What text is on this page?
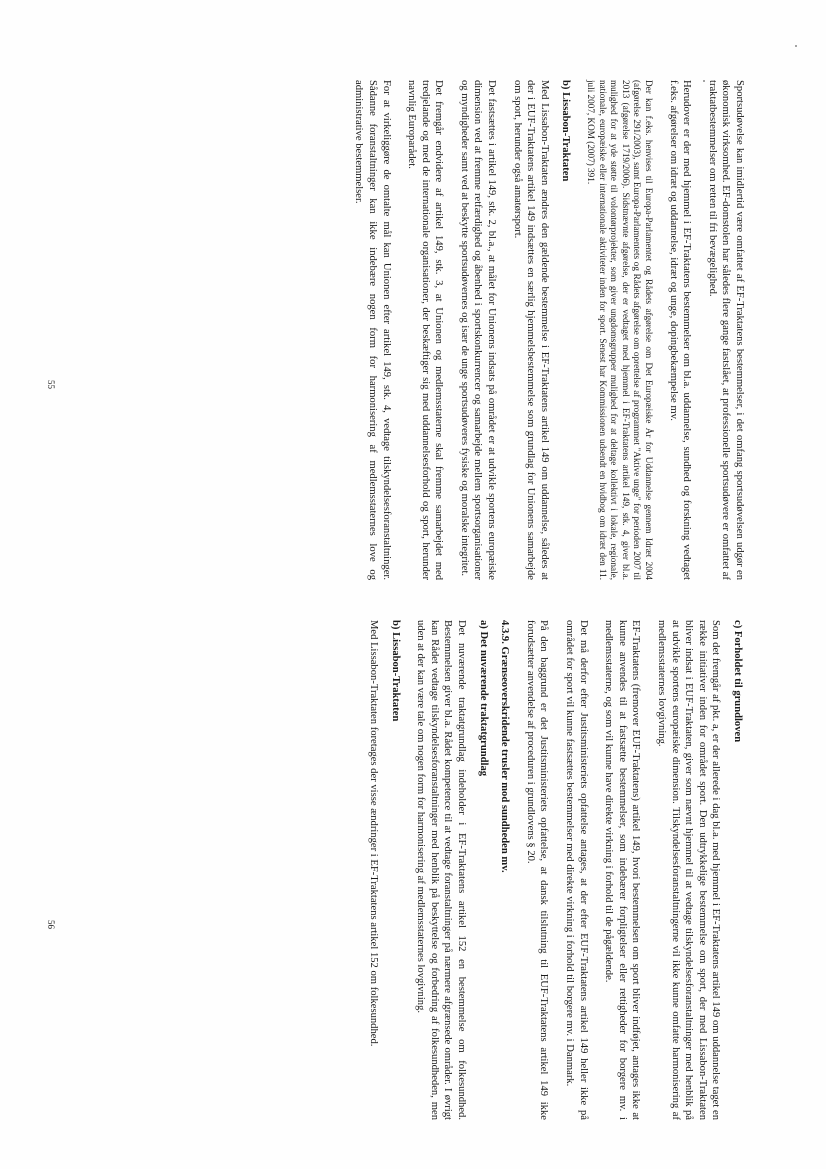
Sportsudøvelse kan imidlertid være omfattet af EF-Traktatens bestemmelser, i det omfang sportsudøvelsen udgør en økonomisk virksomhed. EF-domstolen har således flere gange fastslået, at professionelle sportsudøvere er omfattet af traktatbestemmelser om retten til fri bevægelighed.

Herudover er der med hjemmel i EF-Traktatens bestemmelser om bl.a. uddannelse, sundhed og forskning vedtaget f.eks. afgørelser om idræt og uddannelse, idræt og unge, dopingbekæmpelse mv.

Der kan f.eks. henvises til Europa-Parlamentet og Rådets afgørelse om Det Europæiske År for Uddannelse gennem Idræt 2004 (afgørelse 291/2003), samt Europa-Parlamentets og Rådets afgørelse om oprettelse af programmet "Aktive unge" for perioden 2007 til 2013 (afgørelse 1719/2006). Sidstnævnte afgørelse, der er vedtaget med hjemmel i EF-Traktatens artikel 149, stk. 4, giver bl.a. mulighed for at yde støtte til volontørprojekter, som giver ungdomsgrupper mulighed for at deltage kollektivt i lokale, regionale, nationale, europæiske eller internationale aktiviteter inden for sport. Senest har Kommissionen udsendt en hvidbog om idræt den 11. juli 2007, KOM (2007) 391.

b) Lissabon-Traktaten

Med Lissabon-Traktaten ændres den gældende bestemmelse i EF-Traktatens artikel 149 om uddannelse, således at der i EUF-Traktatens artikel 149 indsættes en særlig hjemmelsbestemmelse som grundlag for Unionens samarbejde om sport, herunder også amatørsport.

Det fastsættes i artikel 149, stk. 2, bl.a., at målet for Unionens indsats på området er at udvikle sportens europæiske dimension ved at fremme retfærdighed og åbenhed i sportskonkurrencer og samarbejde mellem sportsorganisationer og myndigheder samt ved at beskytte sportsudøvernes og især de unge sportsudøveres fysiske og moralske integritet.

Det fremgår endvidere af artikel 149, stk. 3, at Unionen og medlemsstaterne skal fremme samarbejdet med tredjelande og med de internationale organisationer, der beskæftiger sig med uddannelsesforhold og sport, herunder navnlig Europarådet.

For at virkeliggøre de omtalte mål kan Unionen efter artikel 149, stk. 4, vedtage tilskyndelsesforanstaltninger. Sådanne foranstaltninger kan ikke indebære nogen form for harmonisering af medlemsstaternes love og administrative bestemmelser.

55
c) Forholdet til grundloven

Som det fremgår af pkt. a, er der allerede i dag bl.a. med hjemmel i EF-Traktatens artikel 149 om uddannelse taget en række initiativer inden for området sport. Den udtrykkelige bestemmelse om sport, der med Lissabon-Traktaten bliver indsat i EUF-Traktaten, giver som nævnt hjemmel til at vedtage tilskyndelsesforanstaltninger med henblik på at udvikle sportens europæiske dimension. Tilskyndelsesforanstaltningerne vil ikke kunne omfatte harmonisering af medlemsstaternes lovgivning.

EF-Traktatens (fremover EUF-Traktatens) artikel 149, hvori bestemmelsen om sport bliver indføjet, antages ikke at kunne anvendes til at fastsætte bestemmelser, som indebærer forpligtelser eller rettigheder for borgere mv. i medlemsstaterne, og som vil kunne have direkte virkning i forhold til de pågældende.

Det må derfor efter Justitsministeriets opfattelse antages, at der efter EUF-Traktatens artikel 149 heller ikke på området for sport vil kunne fastsættes bestemmelser med direkte virkning i forhold til borgere mv. i Danmark.

På den baggrund er det Justitsministeriets opfattelse, at dansk tilslutning til EUF-Traktatens artikel 149 ikke forudsætter anvendelse af proceduren i grundlovens § 20.

4.3.9. Grænseoverskridende trusler mod sundheden mv.
a) Det nuværende traktatgrundlag

Det nuværende traktatgrundlag indeholder i EF-Traktatens artikel 152 en bestemmelse om folkesundhed. Bestemmelsen giver bl.a. Rådet kompetence til at vedtage foranstaltninger på nærmere afgrænsede områder. I øvrigt kan Rådet vedtage tilskyndelsesforanstaltninger med henblik på beskyttelse og forbedring af folkesundheden, men uden at der kan være tale om nogen form for harmonisering af medlemsstaternes lovgivning.

b) Lissabon-Traktaten

Med Lissabon-Traktaten foretages der visse ændringer i EF-Traktatens artikel 152 om folkesundhed.

56
